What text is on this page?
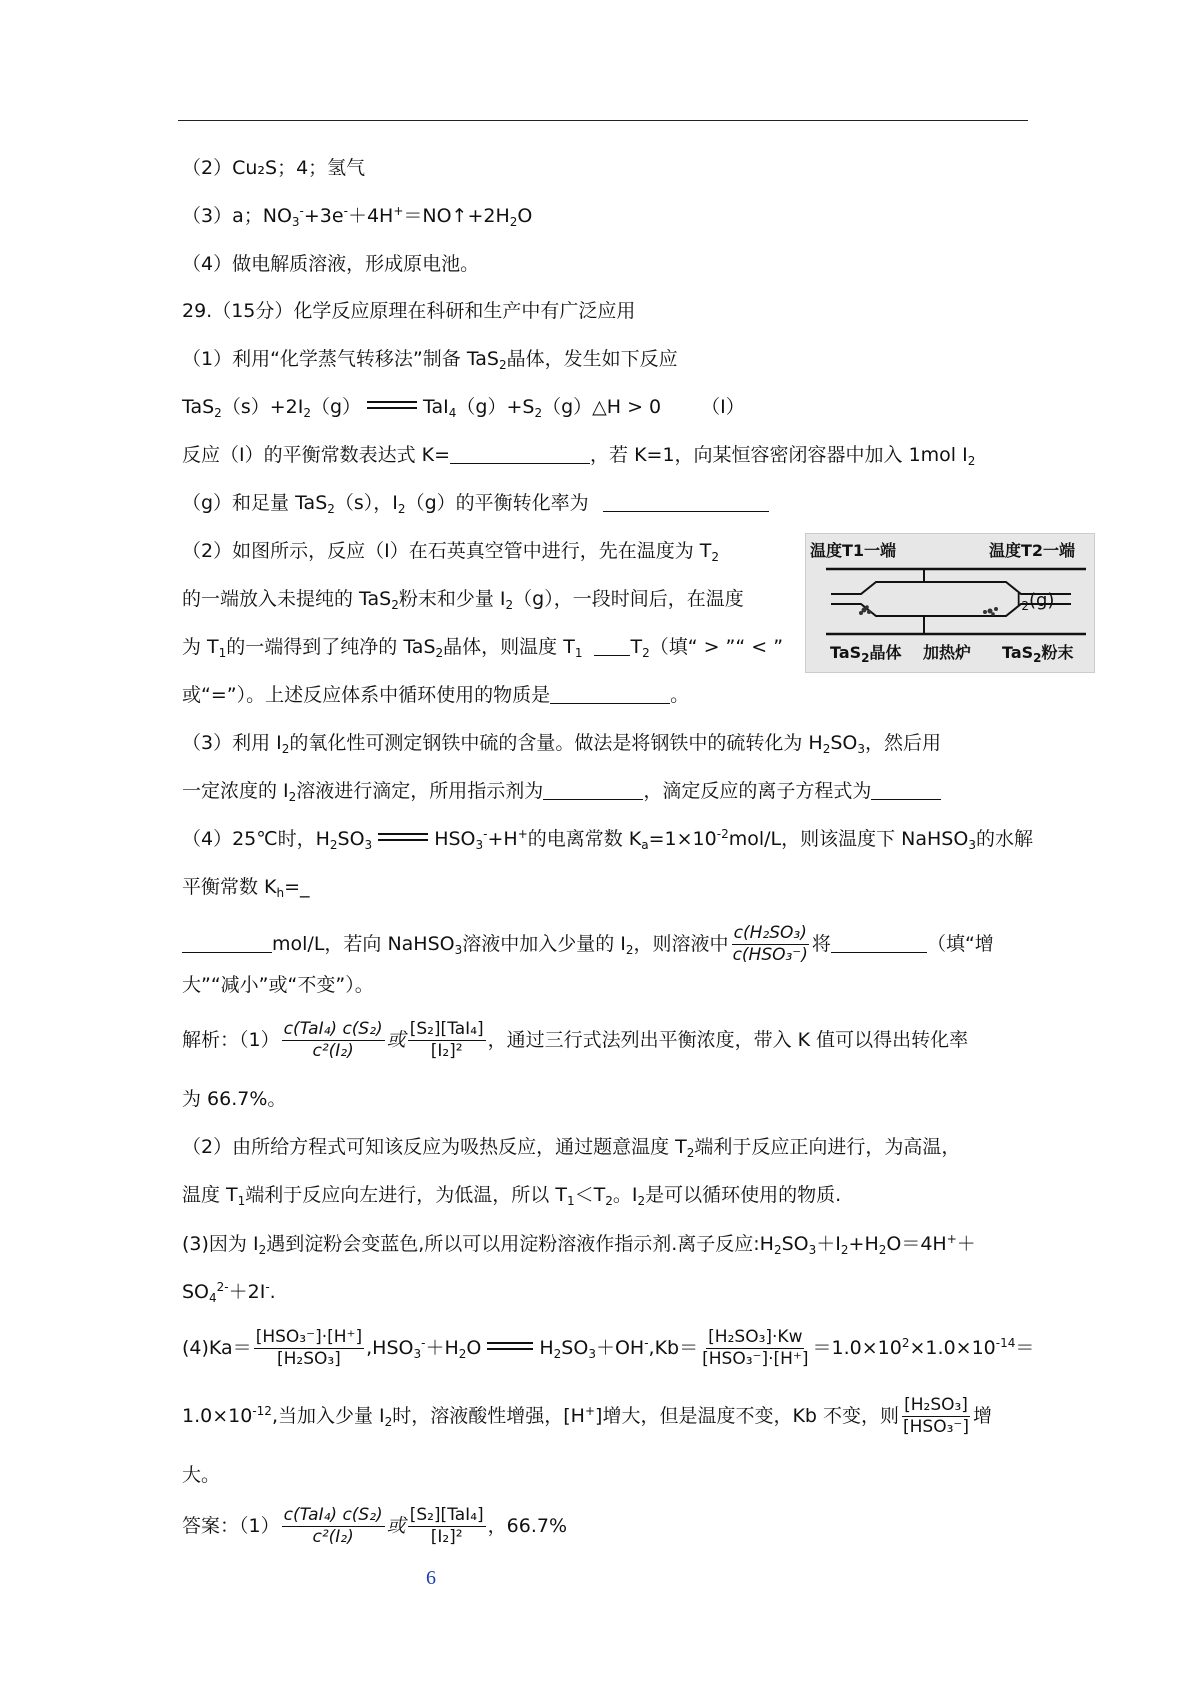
（2）Cu₂S；4；氢气
（3）a；$NO_3^-+3e^-+4H^+=NO↑+2H_2O$
（4）做电解质溶液，形成原电池。
29.（15分）化学反应原理在科研和生产中有广泛应用
（1）利用“化学蒸气转移法”制备 TaS$_2$晶体，发生如下反应
$TaS_2(s)+2I_2(g)$	$TaI_4(g)+S_2(g)\triangle H > 0$ （I）
反应（I）的平衡常数表达式 K=	，若 K=1，向某恒容密闭容器中加入 1mol $I_2$
（g）和足量 TaS$_2$（s），$I_2(g)$的平衡转化率为
（2）如图所示，反应（I）在石英真空管中进行，先在温度为 $T_2$
的一端放入未提纯的 TaS$_2$粉末和少量 $I_2(g)$，一段时间后，在温度
为 $T_1$的一端得到了纯净的 TaS$_2$晶体，则温度 $T_1$	$T_2$（填“ > ”“ < ”
或“=”）。上述反应体系中循环使用的物质是	。
温度T1一端	温度T2一端
$I_2(g)$
TaS$_2$晶体 加热炉 TaS$_2$粉末
（3）利用 $I_2$的氧化性可测定钢铁中硫的含量。做法是将钢铁中的硫转化为 $H_2SO_3$，然后用
一定浓度的 $I_2$溶液进行滴定，所用指示剂为	，滴定反应的离子方程式为
（4）25℃时，$H_2SO_3$	$HSO_3^-+H^+$的电离常数 $K_a=1\times 10^{-2}mol/L$，则该温度下 NaHSO$_3$的水解
平衡常数 $K_h=\_$
mol/L，若向 NaHSO$_3$溶液中加入少量的 $I_2$，则溶液中 $\frac{\text{c(H₂SO₃)}}{\text{c(HSO₃⁻)}}$ 将	（填“增
大”“减小”或“不变”）。
解析：$(1) \frac{\text{c(TaI₄) c(S₂)}}{\text{c²(I₂)}}$ 或 $\frac{\text{[S₂][TaI₄]}}{\text{[I₂]²}}$ ，通过三行式法列出平衡浓度，带入 K 值可以得出转化率
为 66.7%。
（2）由所给方程式可知该反应为吸热反应，通过题意温度 $T_2$端利于反应正向进行，为高温，
温度 $T_1$端利于反应向左进行，为低温，所以 $T_1<T_2$。$I_2$是可以循环使用的物质.
(3)因为 $I_2$遇到淀粉会变蓝色,所以可以用淀粉溶液作指示剂.离子反应$:H_2SO_3+I_2+H_2O=4H^++$
$SO_4^{2-}+2I^-$.
$(4)Ka= \frac{\text{[HSO₃⁻]·[H⁺]}}{\text{[H₂SO₃]}} ,HSO_3^-+H_2O$	$H_2SO_3+OH^-,Kb= \frac{\text{[H₂SO₃]·Kw}}{\text{[HSO₃⁻]·[H⁺]}} =1.0\times 10^2\times 1.0\times 10^{-14}=$
$1.0\times 10^{-12}$,当加入少量 $I_2$时，溶液酸性增强，[H+]增大，但是温度不变，Kb 不变，则 $\frac{\text{[H₂SO₃]}}{\text{[HSO₃⁻]}}$ 增
大。
答案：$(1) \frac{\text{c(TaI₄) c(S₂)}}{\text{c²(I₂)}}$ 或 $\frac{\text{[S₂][TaI₄]}}{\text{[I₂]²}}$ ，66.7%
6
